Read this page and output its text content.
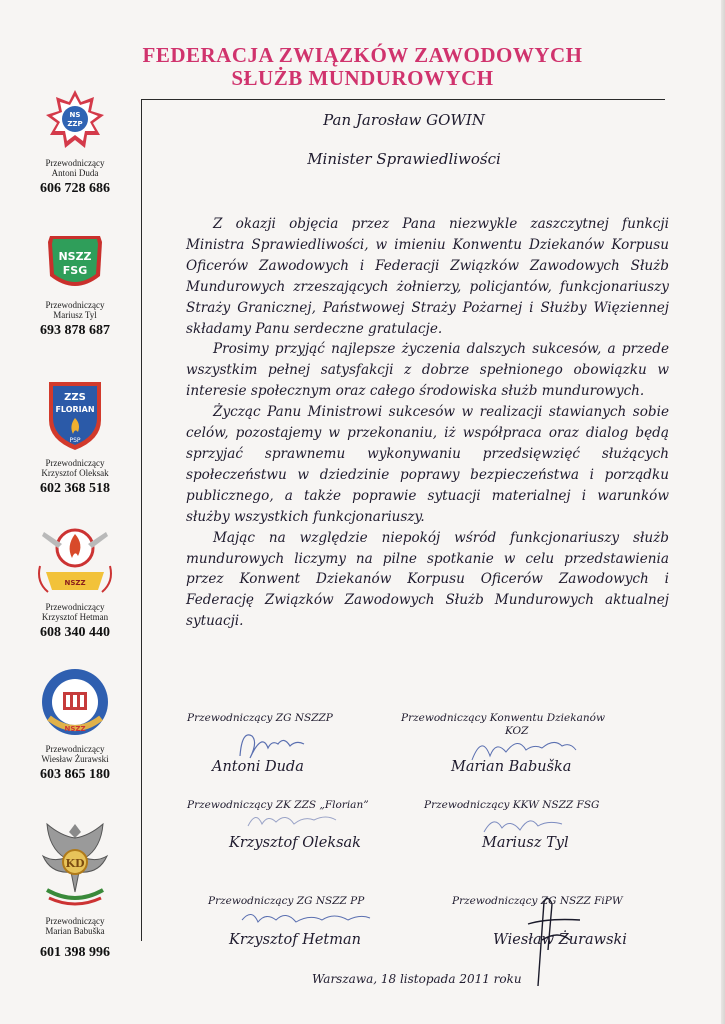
FEDERACJA ZWIĄZKÓW ZAWODOWYCH
SŁUŻB MUNDUROWYCH
NS
ZZP
Przewodniczący
Antoni Duda
606 728 686
NSZZ
FSG
Przewodniczący
Mariusz Tyl
693 878 687
ZZS
FLORIAN
PSP
Przewodniczący
Krzysztof Oleksak
602 368 518
NSZZ
Przewodniczący
Krzysztof Hetman
608 340 440
NSZZ
Przewodniczący
Wiesław Żurawski
603 865 180
KD
Przewodniczący
Marian Babuška
601 398 996
Pan Jarosław GOWIN
Minister Sprawiedliwości

Z okazji objęcia przez Pana niezwykle zaszczytnej funkcji Ministra Sprawiedliwości, w imieniu Konwentu Dziekanów Korpusu Oficerów Zawodowych i Federacji Związków Zawodowych Służb Mundurowych zrzeszających żołnierzy, policjantów, funkcjonariuszy Straży Granicznej, Państwowej Straży Pożarnej i Służby Więziennej składamy Panu serdeczne gratulacje.

Prosimy przyjąć najlepsze życzenia dalszych sukcesów, a przede wszystkim pełnej satysfakcji z dobrze spełnionego obowiązku w interesie społecznym oraz całego środowiska służb mundurowych.

Życząc Panu Ministrowi sukcesów w realizacji stawianych sobie celów, pozostajemy w przekonaniu, iż współpraca oraz dialog będą sprzyjać sprawnemu wykonywaniu przedsięwzięć służących społeczeństwu w dziedzinie poprawy bezpieczeństwa i porządku publicznego, a także poprawie sytuacji materialnej i warunków służby wszystkich funkcjonariuszy.

Mając na względzie niepokój wśród funkcjonariuszy służb mundurowych liczymy na pilne spotkanie w celu przedstawienia przez Konwent Dziekanów Korpusu Oficerów Zawodowych i Federację Związków Zawodowych Służb Mundurowych aktualnej sytuacji.

Przewodniczący ZG NSZZP
Antoni Duda
Przewodniczący Konwentu Dziekanów
KOZ
Marian Babuška
Przewodniczący ZK ZZS „Florian”
Krzysztof Oleksak
Przewodniczący KKW NSZZ FSG
Mariusz Tyl
Przewodniczący ZG NSZZ PP
Krzysztof Hetman
Przewodniczący ZG NSZZ FiPW
Wiesław Żurawski
Warszawa, 18 listopada 2011 roku
